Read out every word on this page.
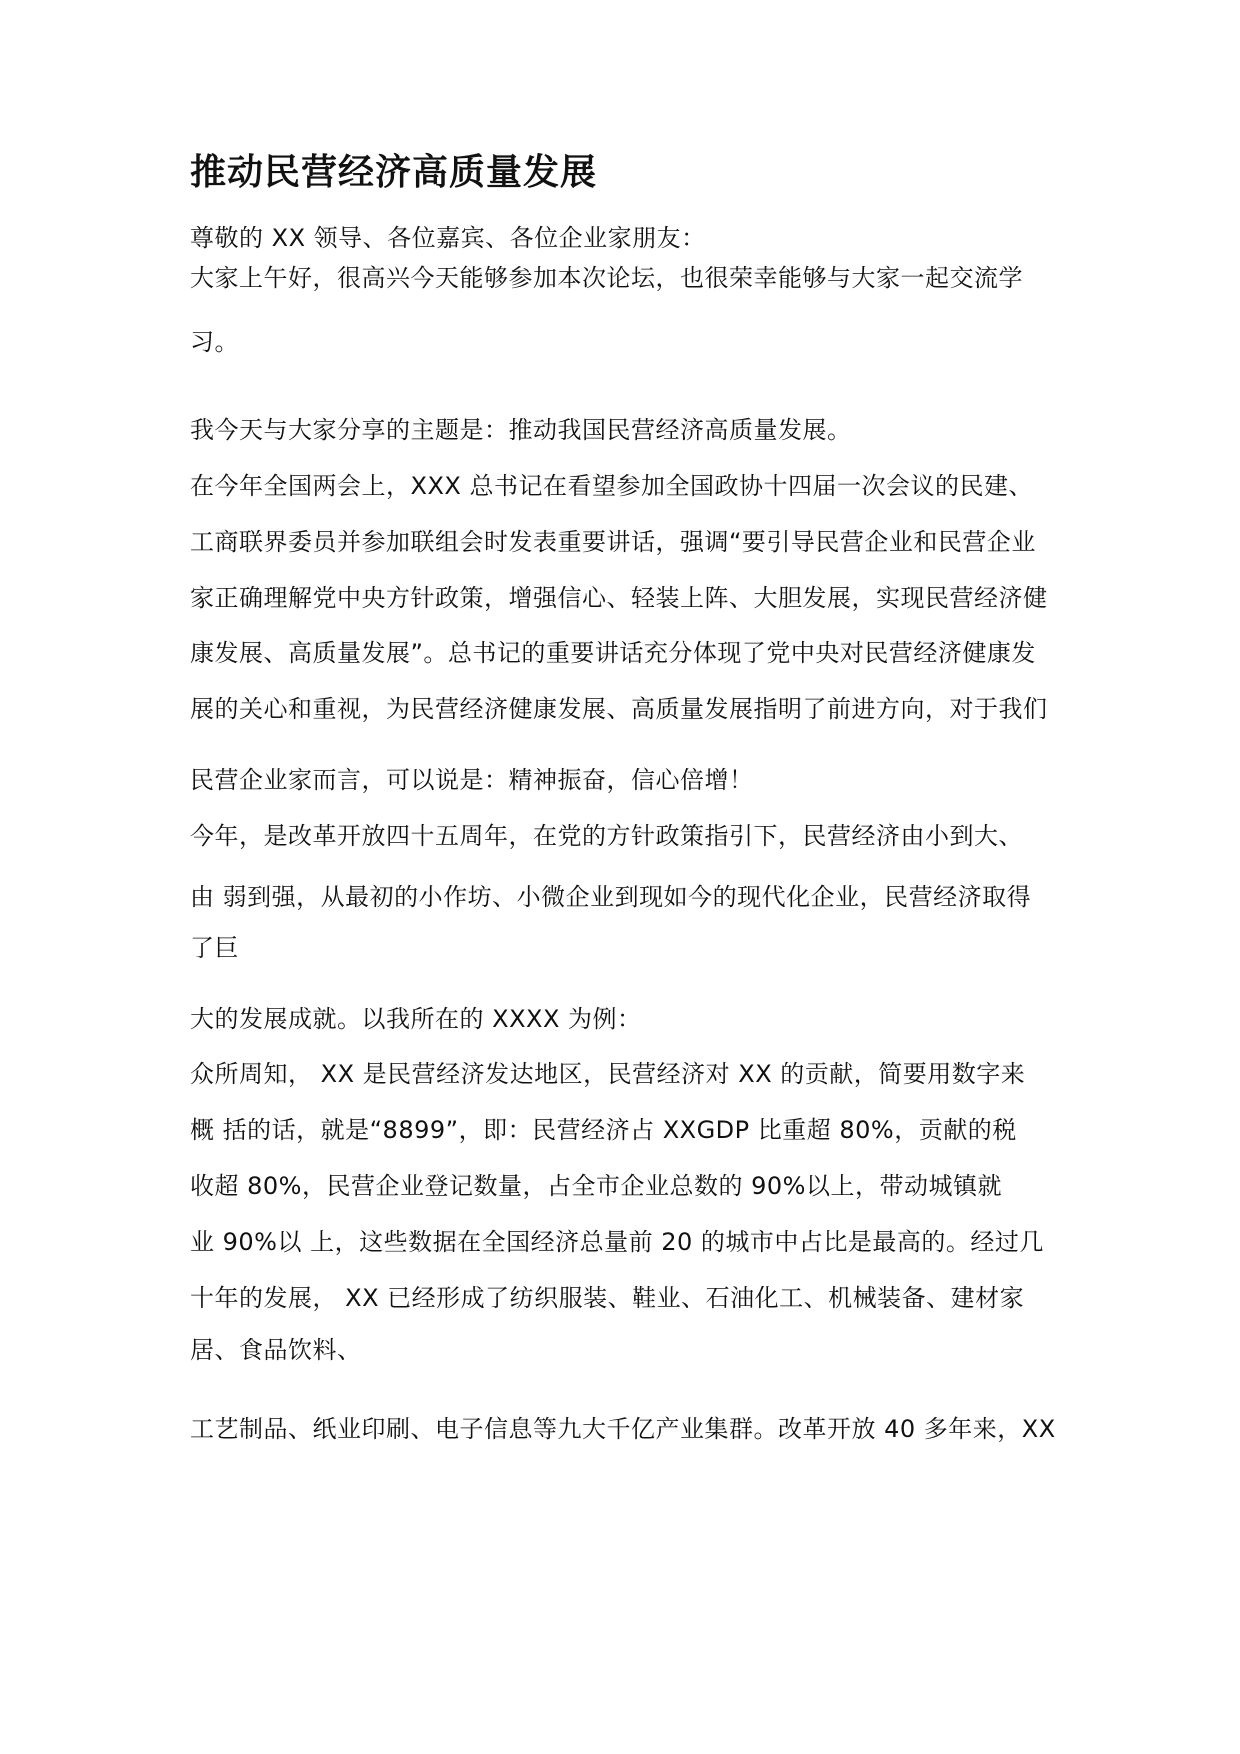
推动民营经济高质量发展
尊敬的 XX 领导、各位嘉宾、各位企业家朋友：
大家上午好，很高兴今天能够参加本次论坛，也很荣幸能够与大家一起交流学
习。
我今天与大家分享的主题是：推动我国民营经济高质量发展。
在今年全国两会上，XXX 总书记在看望参加全国政协十四届一次会议的民建、
工商联界委员并参加联组会时发表重要讲话，强调“要引导民营企业和民营企业
家正确理解党中央方针政策，增强信心、轻装上阵、大胆发展，实现民营经济健
康发展、高质量发展”。总书记的重要讲话充分体现了党中央对民营经济健康发
展的关心和重视，为民营经济健康发展、高质量发展指明了前进方向，对于我们
民营企业家而言，可以说是：精神振奋，信心倍增！
今年，是改革开放四十五周年，在党的方针政策指引下，民营经济由小到大、
由 弱到强，从最初的小作坊、小微企业到现如今的现代化企业，民营经济取得
了巨
大的发展成就。以我所在的 XXXX 为例：
众所周知， XX 是民营经济发达地区，民营经济对 XX 的贡献，简要用数字来
概 括的话，就是“8899”，即：民营经济占 XXGDP 比重超 80%，贡献的税
收超 80%，民营企业登记数量，占全市企业总数的 90%以上，带动城镇就
业 90%以 上，这些数据在全国经济总量前 20 的城市中占比是最高的。经过几
十年的发展， XX 已经形成了纺织服装、鞋业、石油化工、机械装备、建材家
居、食品饮料、
工艺制品、纸业印刷、电子信息等九大千亿产业集群。改革开放 40 多年来，XX
